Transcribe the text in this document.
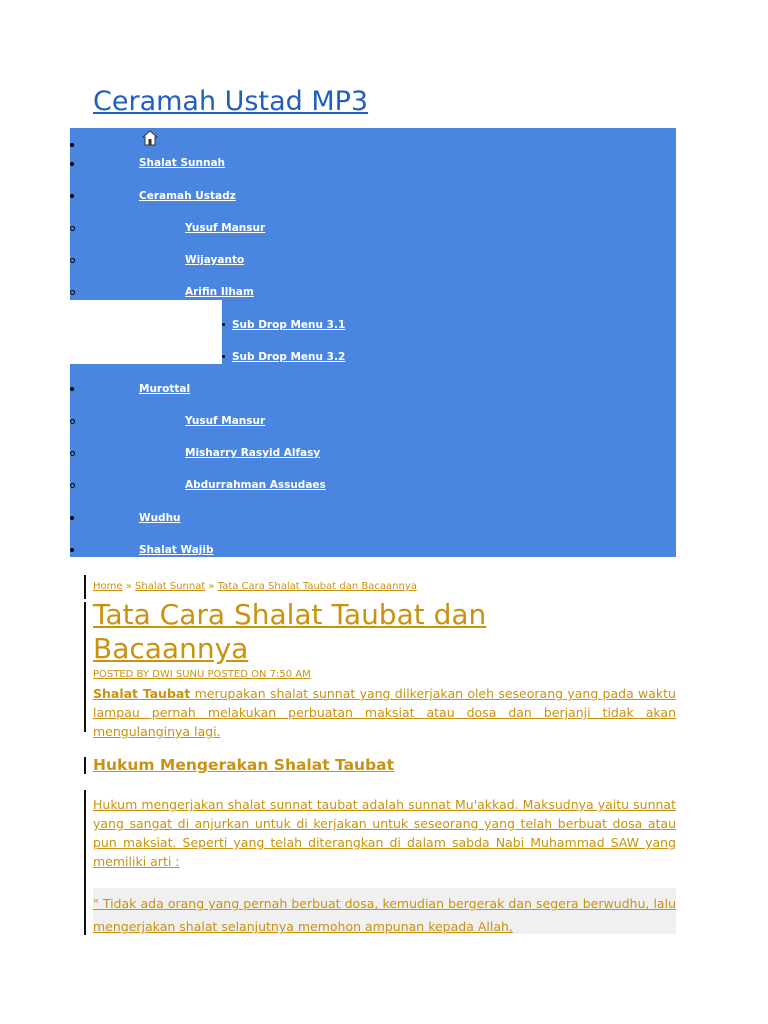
Ceramah Ustad MP3
Shalat Sunnah
Ceramah Ustadz
Yusuf Mansur
Wijayanto
Arifin Ilham
Sub Drop Menu 3.1
Sub Drop Menu 3.2
Murottal
Yusuf Mansur
Misharry Rasyid Alfasy
Abdurrahman Assudaes
Wudhu
Shalat Wajib
Home » Shalat Sunnat » Tata Cara Shalat Taubat dan Bacaannya
Tata Cara Shalat Taubat dan Bacaannya
POSTED BY DWI SUNU POSTED ON 7:50 AM

Shalat Taubat merupakan shalat sunnat yang dilkerjakan oleh seseorang yang pada waktu lampau pernah melakukan perbuatan maksiat atau dosa dan berjanji tidak akan mengulanginya lagi.

Hukum Mengerakan Shalat Taubat

Hukum mengerjakan shalat sunnat taubat adalah sunnat Mu'akkad. Maksudnya yaitu sunnat yang sangat di anjurkan untuk di kerjakan untuk seseorang yang telah berbuat dosa atau pun maksiat. Seperti yang telah diterangkan di dalam sabda Nabi Muhammad SAW yang memiliki arti :

" Tidak ada orang yang pernah berbuat dosa, kemudian bergerak dan segera berwudhu, lalu mengerjakan shalat selanjutnya memohon ampunan kepada Allah,
